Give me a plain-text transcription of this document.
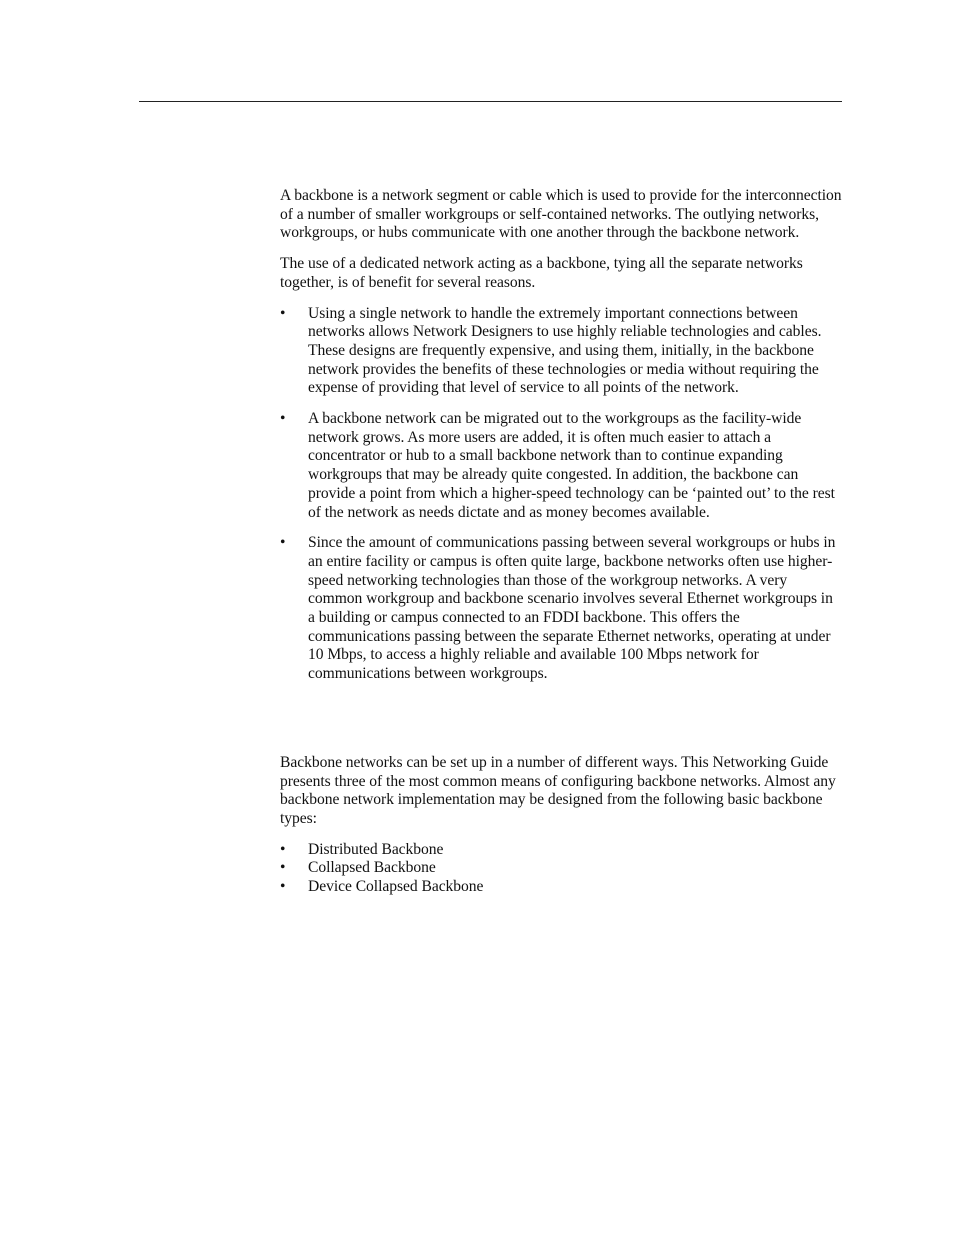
A backbone is a network segment or cable which is used to provide for the interconnection of a number of smaller workgroups or self-contained networks. The outlying networks, workgroups, or hubs communicate with one another through the backbone network.

The use of a dedicated network acting as a backbone, tying all the separate networks together, is of benefit for several reasons.

• Using a single network to handle the extremely important connections between networks allows Network Designers to use highly reliable technologies and cables. These designs are frequently expensive, and using them, initially, in the backbone network provides the benefits of these technologies or media without requiring the expense of providing that level of service to all points of the network.
• A backbone network can be migrated out to the workgroups as the facility-wide network grows. As more users are added, it is often much easier to attach a concentrator or hub to a small backbone network than to continue expanding workgroups that may be already quite congested. In addition, the backbone can provide a point from which a higher-speed technology can be ‘painted out’ to the rest of the network as needs dictate and as money becomes available.
• Since the amount of communications passing between several workgroups or hubs in an entire facility or campus is often quite large, backbone networks often use higher-speed networking technologies than those of the workgroup networks. A very common workgroup and backbone scenario involves several Ethernet workgroups in a building or campus connected to an FDDI backbone. This offers the communications passing between the separate Ethernet networks, operating at under 10 Mbps, to access a highly reliable and available 100 Mbps network for communications between workgroups.

Backbone networks can be set up in a number of different ways. This Networking Guide presents three of the most common means of configuring backbone networks. Almost any backbone network implementation may be designed from the following basic backbone types:

• Distributed Backbone
• Collapsed Backbone
• Device Collapsed Backbone
